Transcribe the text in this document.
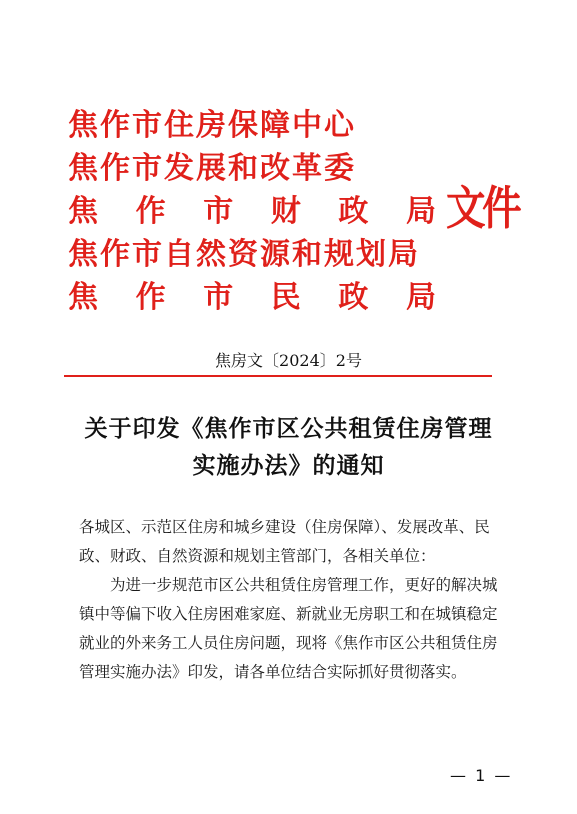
焦作市住房保障中心
焦作市发展和改革委
焦 作 市 财 政 局
焦作市自然资源和规划局
焦 作 市 民 政 局
文件
焦房文〔2024〕2号
关于印发《焦作市区公共租赁住房管理
实施办法》的通知

各城区、示范区住房和城乡建设（住房保障）、发展改革、民政、财政、自然资源和规划主管部门，各相关单位：

为进一步规范市区公共租赁住房管理工作，更好的解决城镇中等偏下收入住房困难家庭、新就业无房职工和在城镇稳定就业的外来务工人员住房问题，现将《焦作市区公共租赁住房管理实施办法》印发，请各单位结合实际抓好贯彻落实。

— 1 —
